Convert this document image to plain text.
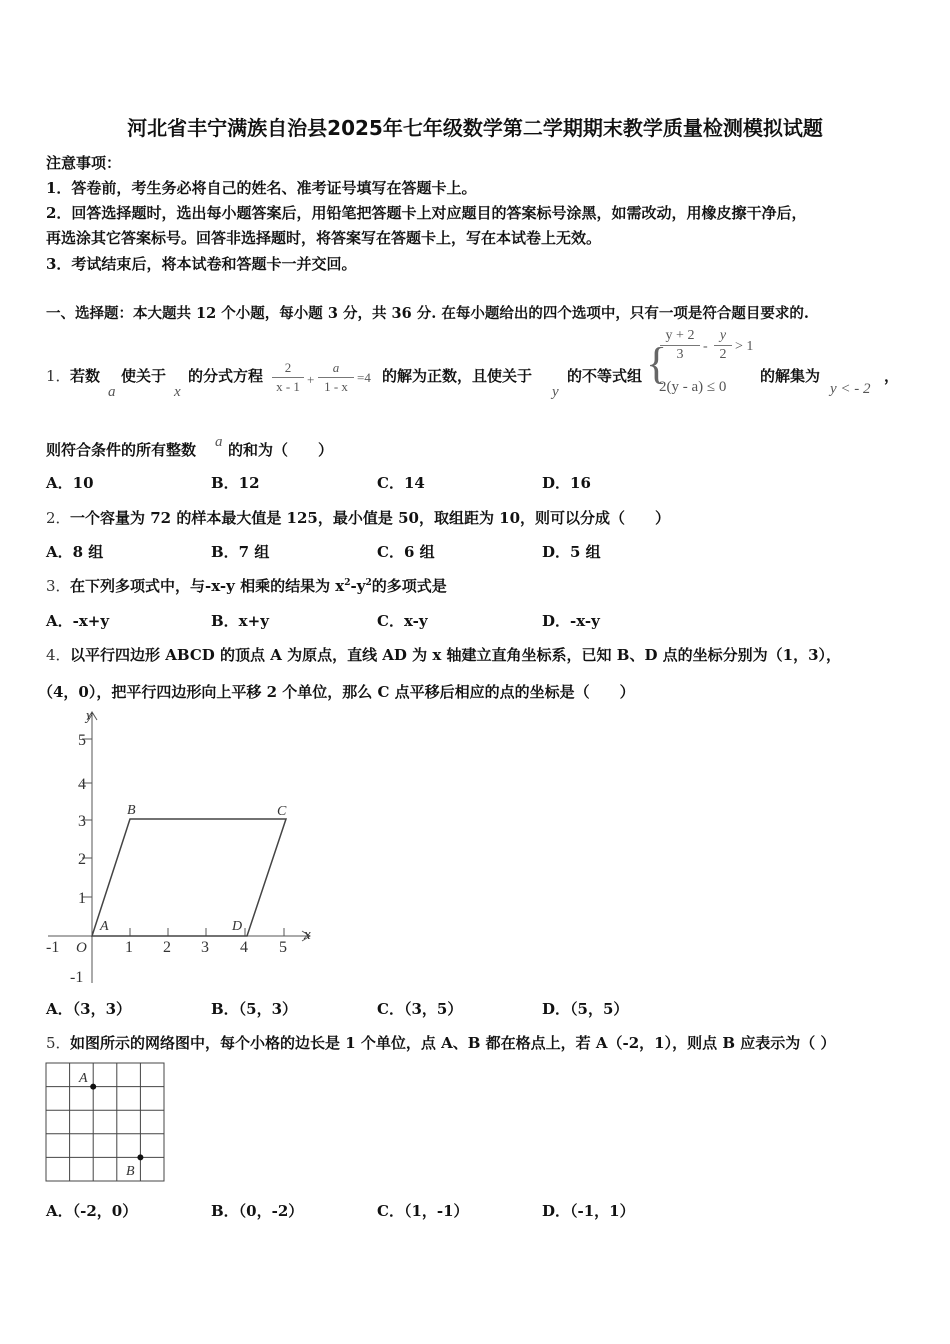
河北省丰宁满族自治县2025年七年级数学第二学期期末教学质量检测模拟试题
注意事项：
1．答卷前，考生务必将自己的姓名、准考证号填写在答题卡上。
2．回答选择题时，选出每小题答案后，用铅笔把答题卡上对应题目的答案标号涂黑，如需改动，用橡皮擦干净后，
再选涂其它答案标号。回答非选择题时，将答案写在答题卡上，写在本试卷上无效。
3．考试结束后，将本试卷和答题卡一并交回。
一、选择题：本大题共 12 个小题，每小题 3 分，共 36 分. 在每小题给出的四个选项中，只有一项是符合题目要求的.
1． 若数
a
使关于
x
的分式方程	2
x - 1 +
a
1 - x
=4 的解为正数，且使关于
y
的不等式组 {
y + 2
3
-
y
2
> 1
2(y - a) ≤ 0
的解集为
y < - 2
，
则符合条件的所有整数 a 的和为（　　）
A．10	B．12	C．14	D．16
2． 一个容量为 72 的样本最大值是 125，最小值是 50，取组距为 10，则可以分成（　　）
A．8 组	B．7 组	C．6 组	D．5 组
3． 在下列多项式中，与-x-y 相乘的结果为 $x^2-y^2$的多项式是
A．-x+y	B．x+y	C．x-y	D．-x-y
4． 以平行四边形 ABCD 的顶点 A 为原点，直线 AD 为 x 轴建立直角坐标系，已知 B、D 点的坐标分别为（1，3），
（4，0），把平行四边形向上平移 2 个单位，那么 C 点平移后相应的点的坐标是（　　）
y
x
O
-1	1 2 3 4 5
5
4
3
2
1
-1
A
B	C
D
A．（3，3）	B．（5，3）	C．（3，5）	D．（5，5）
5． 如图所示的网络图中，每个小格的边长是 1 个单位，点 A、B 都在格点上，若 A（-2，1），则点 B 应表示为（ ）
A
B
A．（-2，0）	B．（0，-2）	C．（1，-1）	D．（-1，1）
